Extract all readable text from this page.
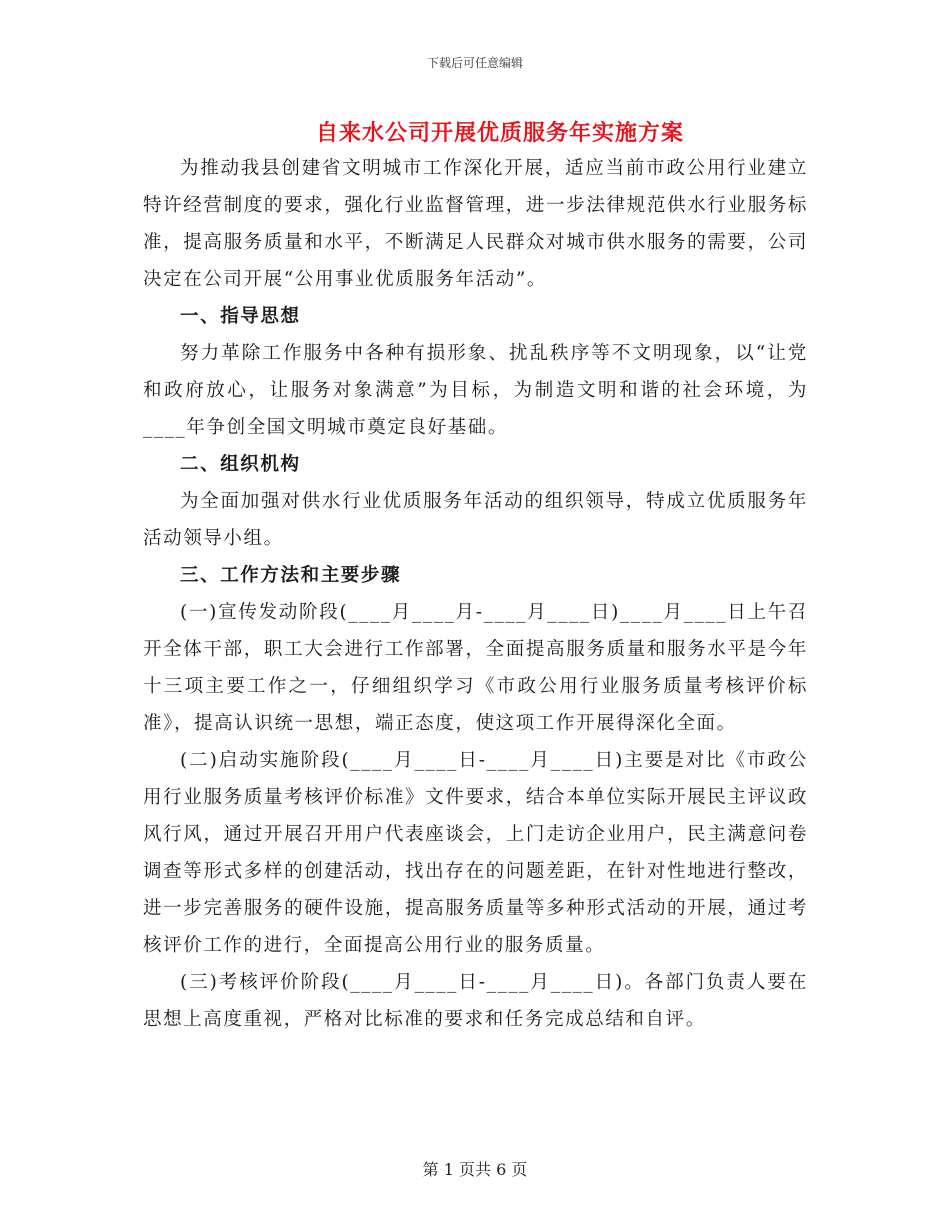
下载后可任意编辑
自来水公司开展优质服务年实施方案

为推动我县创建省文明城市工作深化开展，适应当前市政公用行业建立特许经营制度的要求，强化行业监督管理，进一步法律规范供水行业服务标准，提高服务质量和水平，不断满足人民群众对城市供水服务的需要，公司决定在公司开展“公用事业优质服务年活动”。

一、指导思想

努力革除工作服务中各种有损形象、扰乱秩序等不文明现象，以“让党和政府放心，让服务对象满意”为目标，为制造文明和谐的社会环境，为____年争创全国文明城市奠定良好基础。

二、组织机构

为全面加强对供水行业优质服务年活动的组织领导，特成立优质服务年活动领导小组。

三、工作方法和主要步骤

(一)宣传发动阶段(____月____月-____月____日)____月____日上午召开全体干部，职工大会进行工作部署，全面提高服务质量和服务水平是今年十三项主要工作之一，仔细组织学习《市政公用行业服务质量考核评价标准》，提高认识统一思想，端正态度，使这项工作开展得深化全面。

(二)启动实施阶段(____月____日-____月____日)主要是对比《市政公用行业服务质量考核评价标准》文件要求，结合本单位实际开展民主评议政风行风，通过开展召开用户代表座谈会，上门走访企业用户，民主满意问卷调查等形式多样的创建活动，找出存在的问题差距，在针对性地进行整改，进一步完善服务的硬件设施，提高服务质量等多种形式活动的开展，通过考核评价工作的进行，全面提高公用行业的服务质量。

(三)考核评价阶段(____月____日-____月____日)。各部门负责人要在思想上高度重视，严格对比标准的要求和任务完成总结和自评。

第 1 页共 6 页
